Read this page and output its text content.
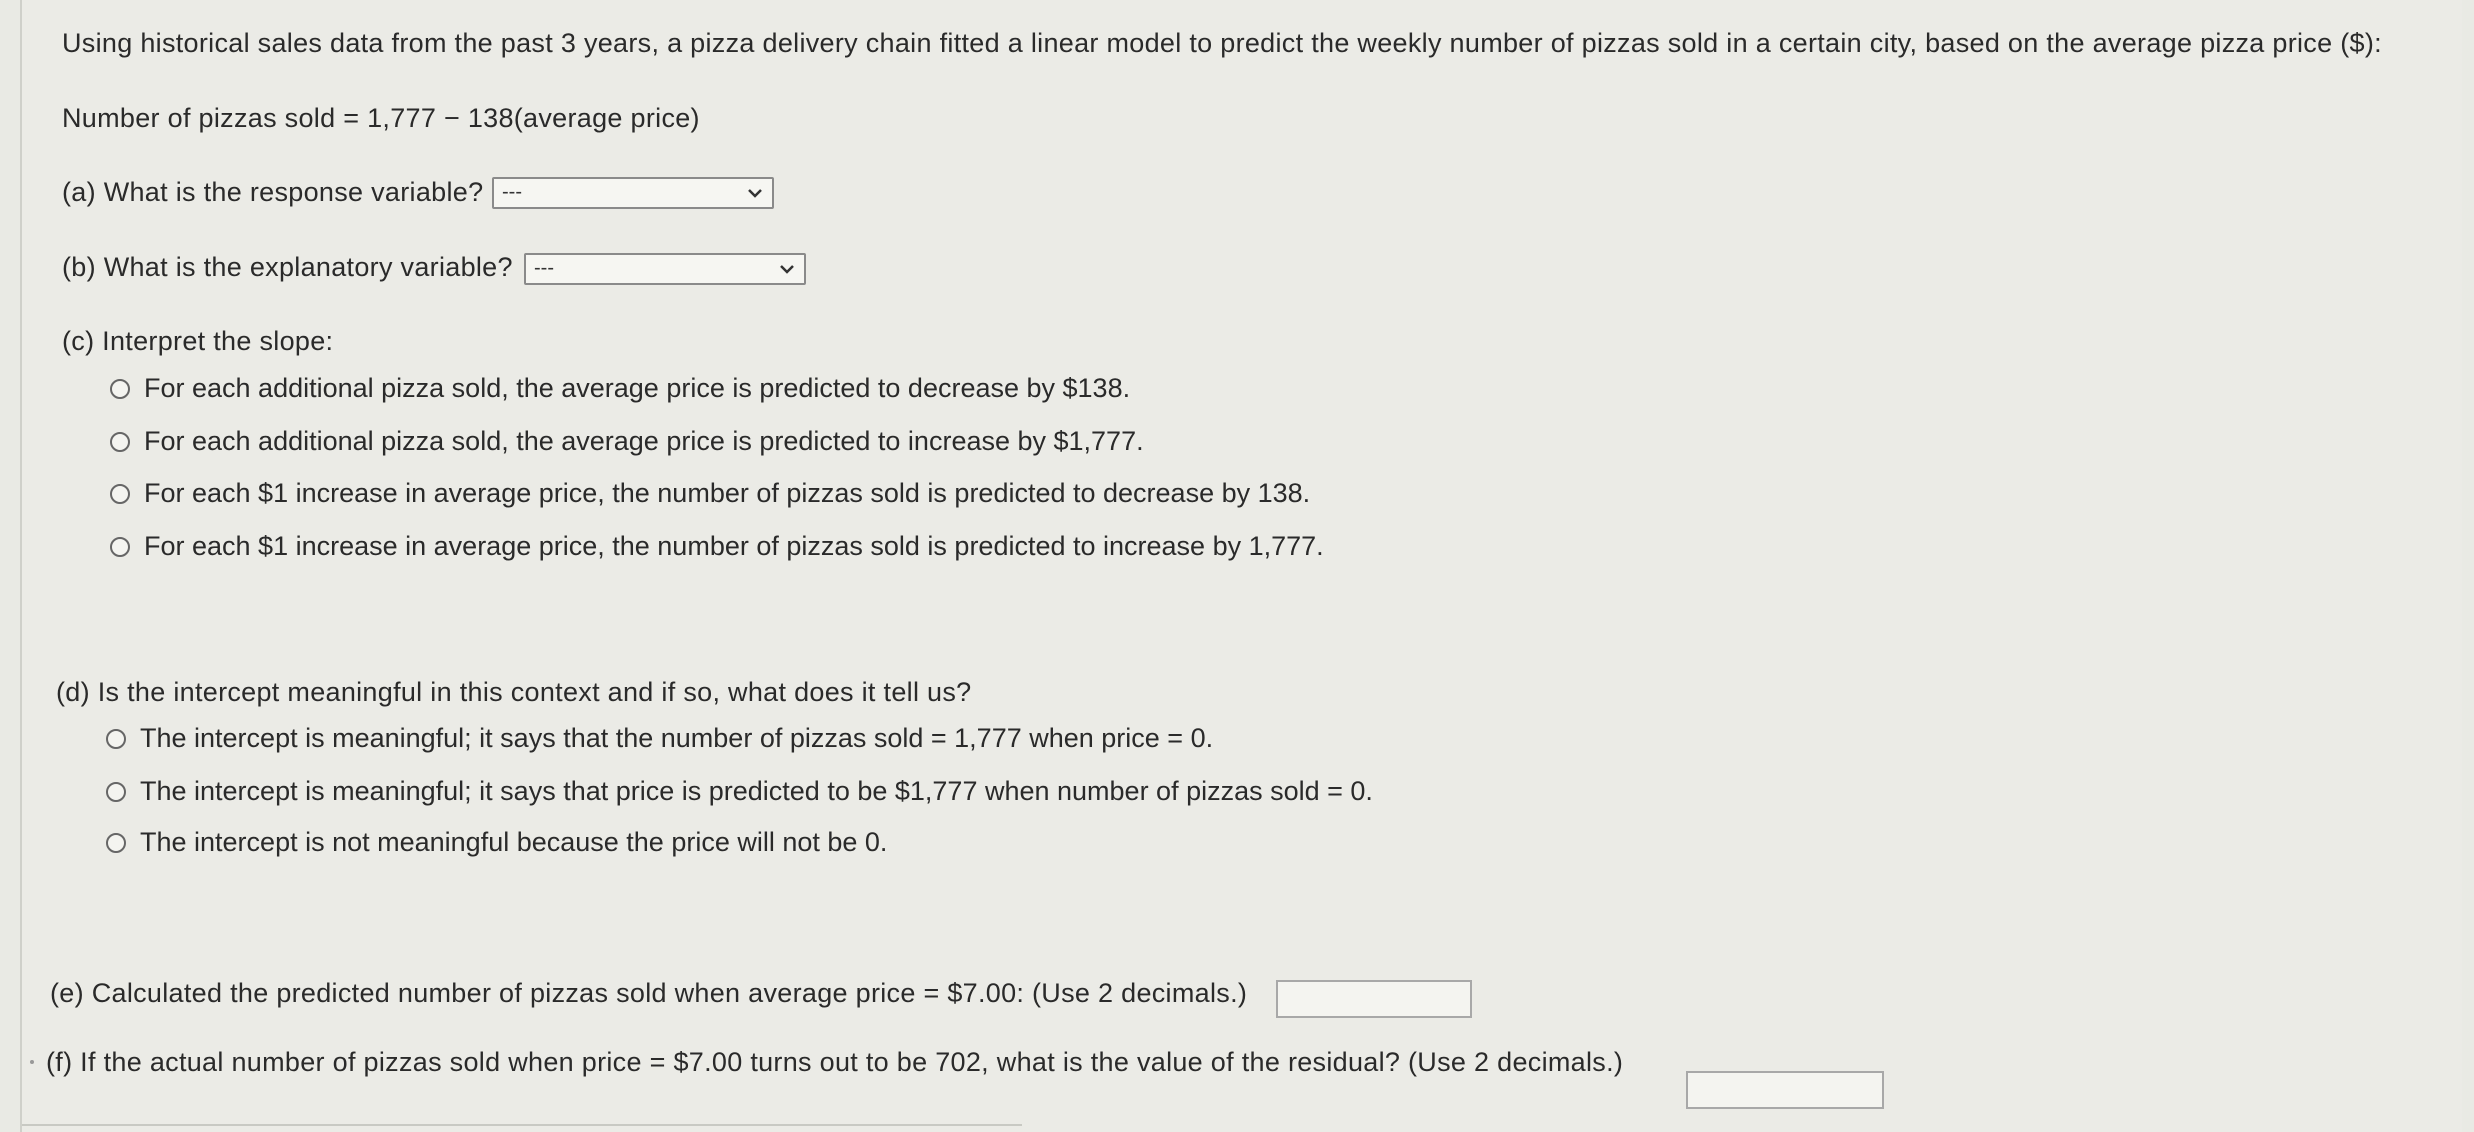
Using historical sales data from the past 3 years, a pizza delivery chain fitted a linear model to predict the weekly number of pizzas sold in a certain city, based on the average pizza price ($):
Number of pizzas sold = 1,777 − 138(average price)
(a) What is the response variable? ---
(b) What is the explanatory variable? ---
(c) Interpret the slope:
For each additional pizza sold, the average price is predicted to decrease by $138.
For each additional pizza sold, the average price is predicted to increase by $1,777.
For each $1 increase in average price, the number of pizzas sold is predicted to decrease by 138.
For each $1 increase in average price, the number of pizzas sold is predicted to increase by 1,777.
(d) Is the intercept meaningful in this context and if so, what does it tell us?
The intercept is meaningful; it says that the number of pizzas sold = 1,777 when price = 0.
The intercept is meaningful; it says that price is predicted to be $1,777 when number of pizzas sold = 0.
The intercept is not meaningful because the price will not be 0.
(e) Calculated the predicted number of pizzas sold when average price = $7.00: (Use 2 decimals.)
(f) If the actual number of pizzas sold when price = $7.00 turns out to be 702, what is the value of the residual? (Use 2 decimals.)
